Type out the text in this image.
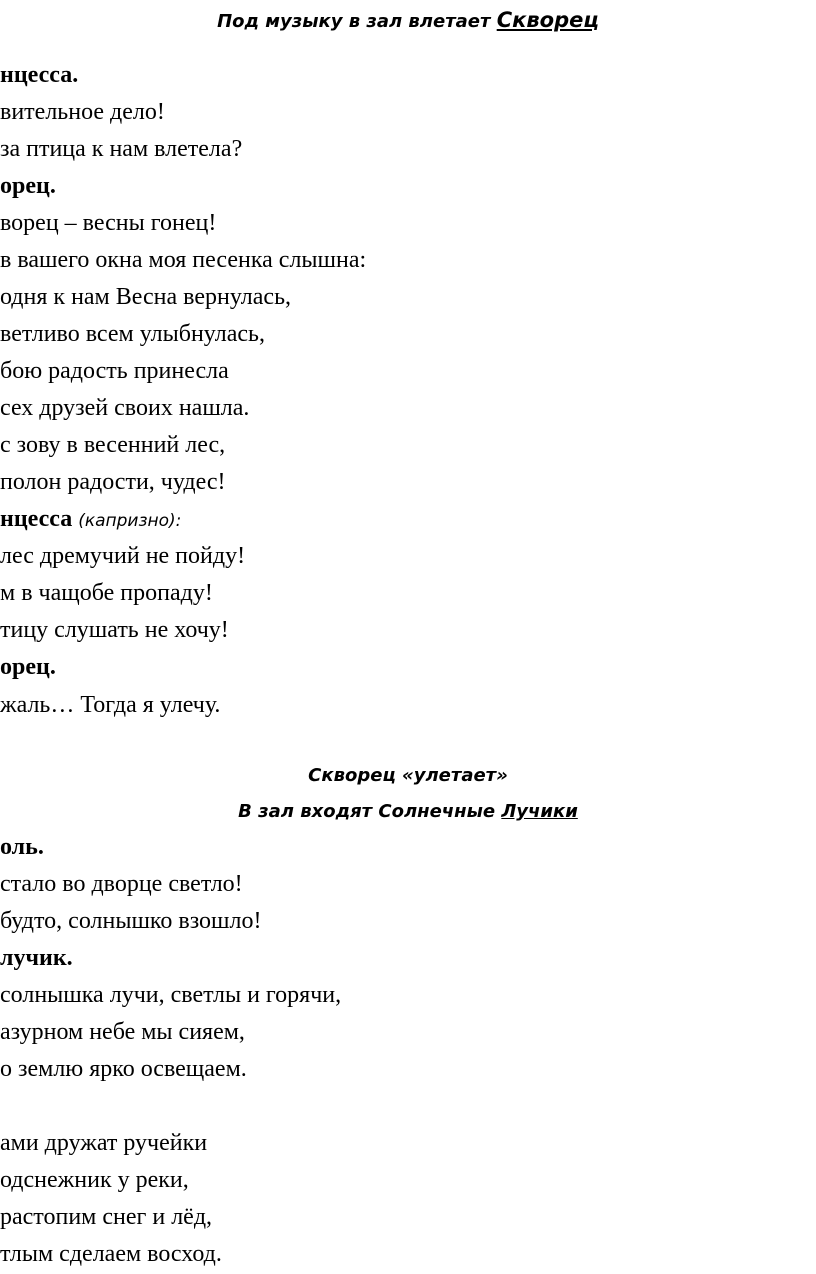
Под музыку в зал влетает Скворец

нцесса.

вительное дело!

за птица к нам влетела?

орец.

ворец – весны гонец!

в вашего окна моя песенка слышна:

одня к нам Весна вернулась,

ветливо всем улыбнулась,

бою радость принесла

сех друзей своих нашла.

с зову в весенний лес,

полон радости, чудес!

нцесса (капризно):

лес дремучий не пойду!

м в чащобе пропаду!

тицу слушать не хочу!

орец.

жаль… Тогда я улечу.

Скворец «улетает»

В зал входят Солнечные Лучики

оль.

стало во дворце светло!

будто, солнышко взошло!

лучик.

солнышка лучи, светлы и горячи,

азурном небе мы сияем,

о землю ярко освещаем.

ами дружат ручейки

одснежник у реки,

растопим снег и лёд,

тлым сделаем восход.
